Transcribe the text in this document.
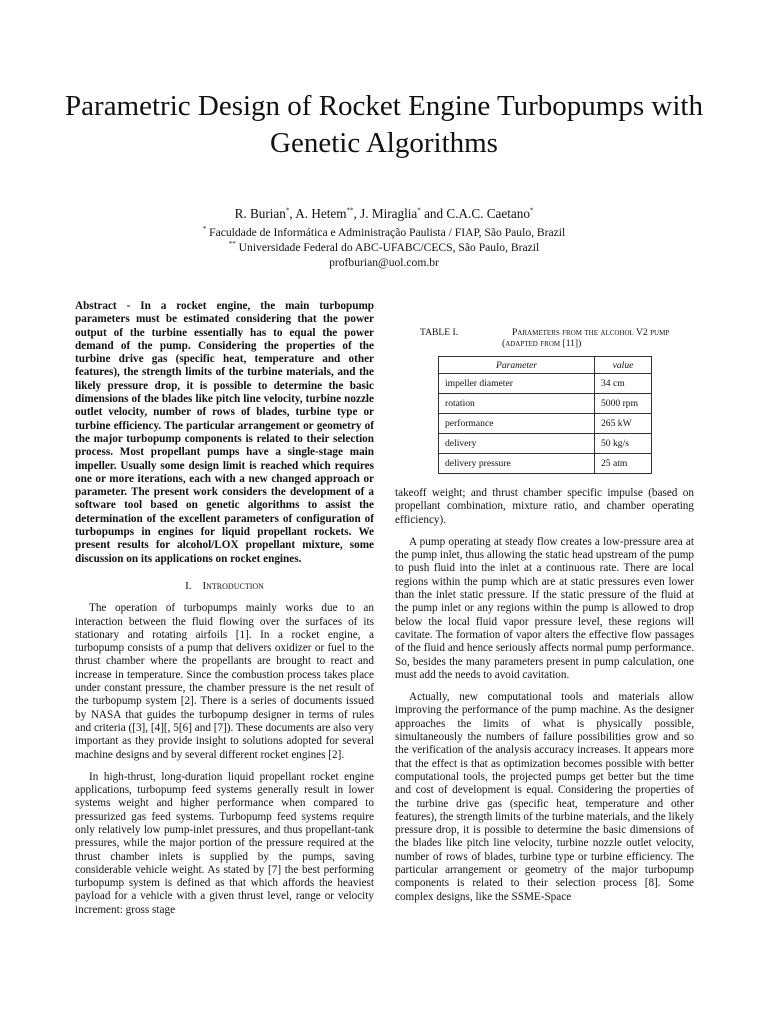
Parametric Design of Rocket Engine Turbopumps with Genetic Algorithms
R. Burian*, A. Hetem**, J. Miraglia* and C.A.C. Caetano*
* Faculdade de Informática e Administração Paulista / FIAP, São Paulo, Brazil
** Universidade Federal do ABC-UFABC/CECS, São Paulo, Brazil
profburian@uol.com.br

Abstract - In a rocket engine, the main turbopump parameters must be estimated considering that the power output of the turbine essentially has to equal the power demand of the pump. Considering the properties of the turbine drive gas (specific heat, temperature and other features), the strength limits of the turbine materials, and the likely pressure drop, it is possible to determine the basic dimensions of the blades like pitch line velocity, turbine nozzle outlet velocity, number of rows of blades, turbine type or turbine efficiency. The particular arrangement or geometry of the major turbopump components is related to their selection process. Most propellant pumps have a single-stage main impeller. Usually some design limit is reached which requires one or more iterations, each with a new changed approach or parameter. The present work considers the development of a software tool based on genetic algorithms to assist the determination of the excellent parameters of configuration of turbopumps in engines for liquid propellant rockets. We present results for alcohol/LOX propellant mixture, some discussion on its applications on rocket engines.

I. Introduction

The operation of turbopumps mainly works due to an interaction between the fluid flowing over the surfaces of its stationary and rotating airfoils [1]. In a rocket engine, a turbopump consists of a pump that delivers oxidizer or fuel to the thrust chamber where the propellants are brought to react and increase in temperature. Since the combustion process takes place under constant pressure, the chamber pressure is the net result of the turbopump system [2]. There is a series of documents issued by NASA that guides the turbopump designer in terms of rules and criteria ([3], [4][, 5[6] and [7]). These documents are also very important as they provide insight to solutions adopted for several machine designs and by several different rocket engines [2].

In high-thrust, long-duration liquid propellant rocket engine applications, turbopump feed systems generally result in lower systems weight and higher performance when compared to pressurized gas feed systems. Turbopump feed systems require only relatively low pump-inlet pressures, and thus propellant-tank pressures, while the major portion of the pressure required at the thrust chamber inlets is supplied by the pumps, saving considerable vehicle weight. As stated by [7] the best performing turbopump system is defined as that which affords the heaviest payload for a vehicle with a given thrust level, range or velocity increment: gross stage

TABLE I.	Parameters from the alcohol V2 pump
(adapted from [11])
Parameter	value
impeller diameter	34 cm
rotation	5000 rpm
performance	265 kW
delivery	50 kg/s
delivery pressure	25 atm

takeoff weight; and thrust chamber specific impulse (based on propellant combination, mixture ratio, and chamber operating efficiency).

A pump operating at steady flow creates a low-pressure area at the pump inlet, thus allowing the static head upstream of the pump to push fluid into the inlet at a continuous rate. There are local regions within the pump which are at static pressures even lower than the inlet static pressure. If the static pressure of the fluid at the pump inlet or any regions within the pump is allowed to drop below the local fluid vapor pressure level, these regions will cavitate. The formation of vapor alters the effective flow passages of the fluid and hence seriously affects normal pump performance. So, besides the many parameters present in pump calculation, one must add the needs to avoid cavitation.

Actually, new computational tools and materials allow improving the performance of the pump machine. As the designer approaches the limits of what is physically possible, simultaneously the numbers of failure possibilities grow and so the verification of the analysis accuracy increases. It appears more that the effect is that as optimization becomes possible with better computational tools, the projected pumps get better but the time and cost of development is equal. Considering the properties of the turbine drive gas (specific heat, temperature and other features), the strength limits of the turbine materials, and the likely pressure drop, it is possible to determine the basic dimensions of the blades like pitch line velocity, turbine nozzle outlet velocity, number of rows of blades, turbine type or turbine efficiency. The particular arrangement or geometry of the major turbopump components is related to their selection process [8]. Some complex designs, like the SSME-Space
